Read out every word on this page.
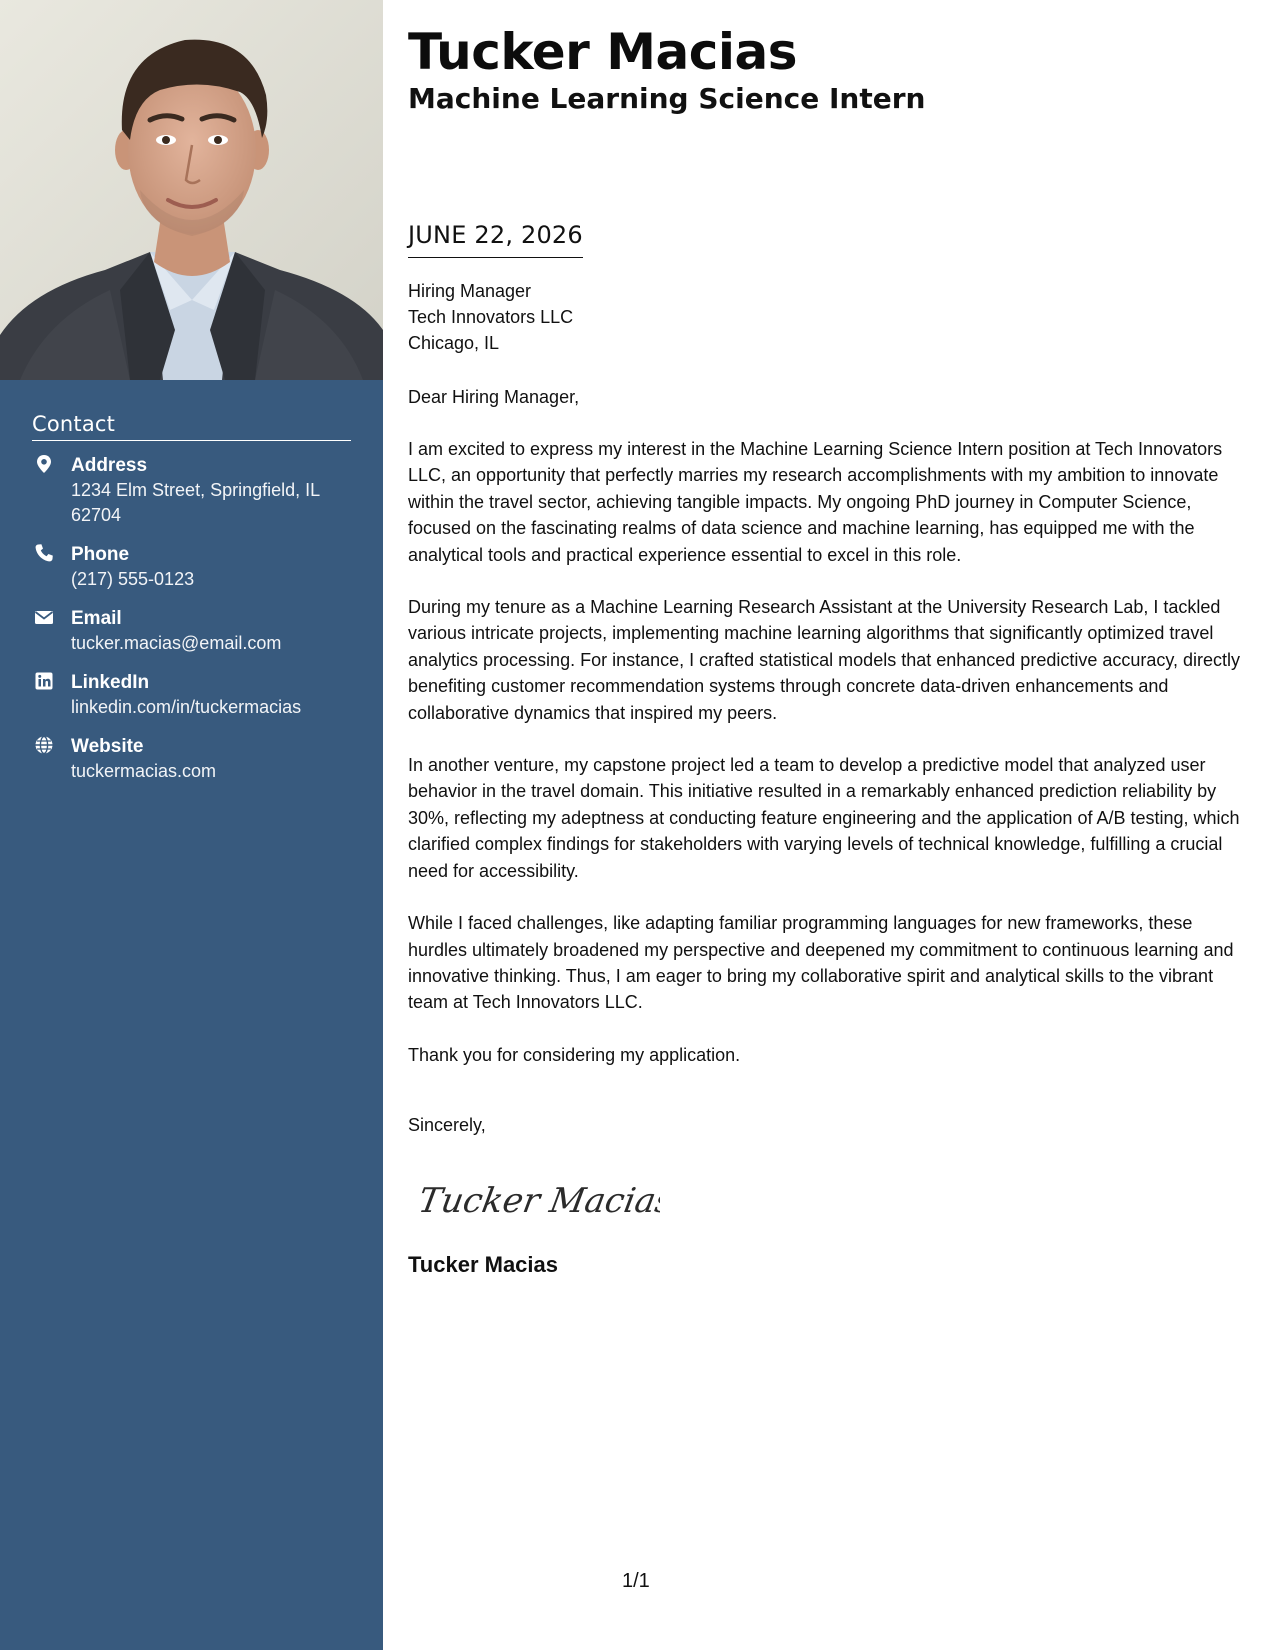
Contact
Address
1234 Elm Street, Springfield, IL 62704
Phone
(217) 555-0123
Email
tucker.macias@email.com
LinkedIn
linkedin.com/in/tuckermacias
Website
tuckermacias.com
Tucker Macias
Machine Learning Science Intern
JUNE 22, 2026
Hiring Manager
Tech Innovators LLC
Chicago, IL
Dear Hiring Manager,

I am excited to express my interest in the Machine Learning Science Intern position at Tech Innovators LLC, an opportunity that perfectly marries my research accomplishments with my ambition to innovate within the travel sector, achieving tangible impacts. My ongoing PhD journey in Computer Science, focused on the fascinating realms of data science and machine learning, has equipped me with the analytical tools and practical experience essential to excel in this role.

During my tenure as a Machine Learning Research Assistant at the University Research Lab, I tackled various intricate projects, implementing machine learning algorithms that significantly optimized travel analytics processing. For instance, I crafted statistical models that enhanced predictive accuracy, directly benefiting customer recommendation systems through concrete data-driven enhancements and collaborative dynamics that inspired my peers.

In another venture, my capstone project led a team to develop a predictive model that analyzed user behavior in the travel domain. This initiative resulted in a remarkably enhanced prediction reliability by 30%, reflecting my adeptness at conducting feature engineering and the application of A/B testing, which clarified complex findings for stakeholders with varying levels of technical knowledge, fulfilling a crucial need for accessibility.

While I faced challenges, like adapting familiar programming languages for new frameworks, these hurdles ultimately broadened my perspective and deepened my commitment to continuous learning and innovative thinking. Thus, I am eager to bring my collaborative spirit and analytical skills to the vibrant team at Tech Innovators LLC.

Thank you for considering my application.

Sincerely,
Tucker Macias
Tucker Macias
1/1
